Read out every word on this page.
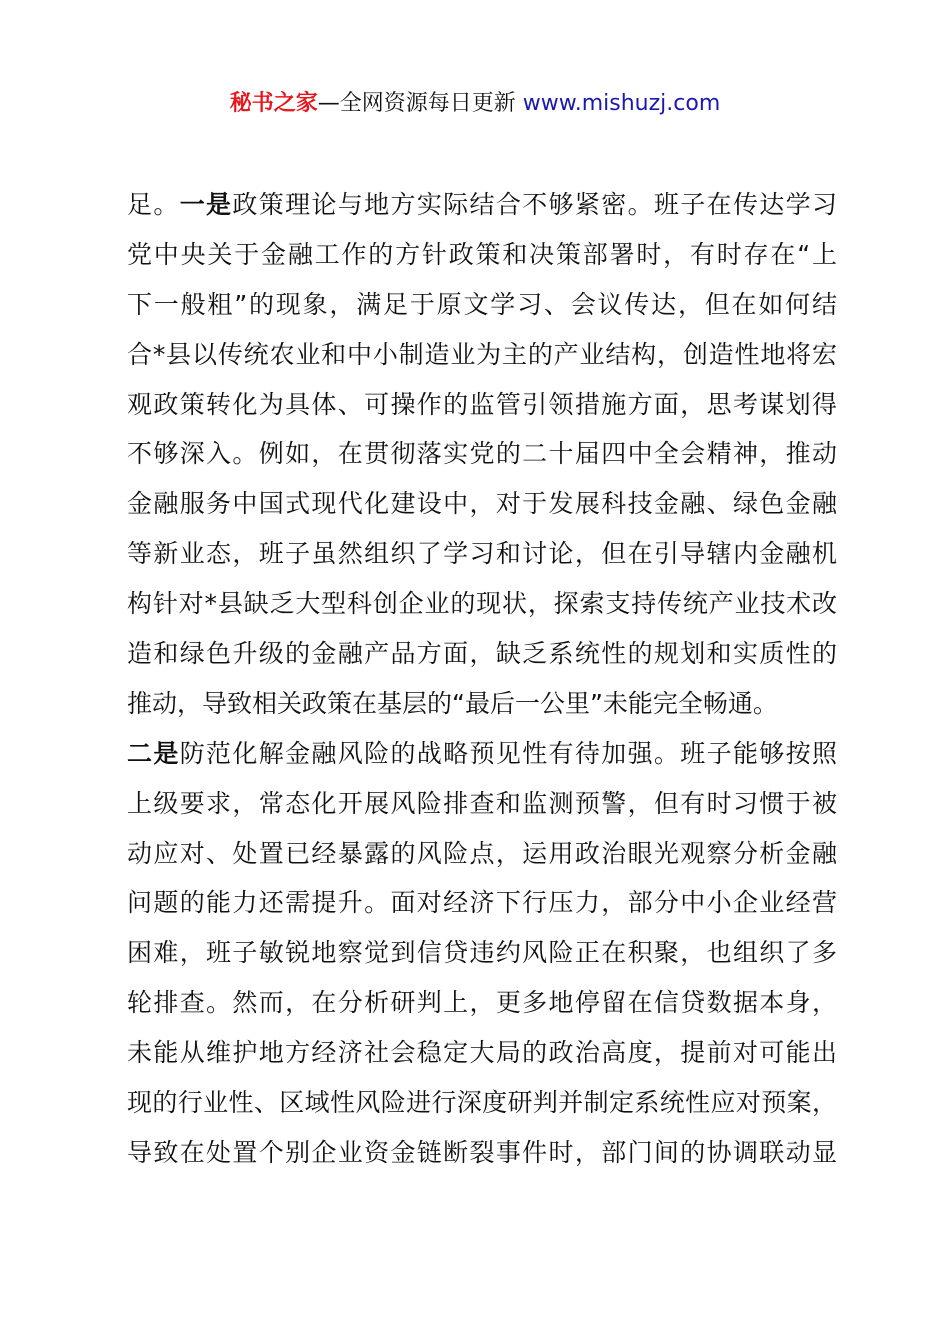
秘书之家—全网资源每日更新 www.mishuzj.com
足。一是政策理论与地方实际结合不够紧密。班子在传达学习
党中央关于金融工作的方针政策和决策部署时，有时存在“上
下一般粗”的现象，满足于原文学习、会议传达，但在如何结
合*县以传统农业和中小制造业为主的产业结构，创造性地将宏
观政策转化为具体、可操作的监管引领措施方面，思考谋划得
不够深入。例如，在贯彻落实党的二十届四中全会精神，推动
金融服务中国式现代化建设中，对于发展科技金融、绿色金融
等新业态，班子虽然组织了学习和讨论，但在引导辖内金融机
构针对*县缺乏大型科创企业的现状，探索支持传统产业技术改
造和绿色升级的金融产品方面，缺乏系统性的规划和实质性的
推动，导致相关政策在基层的“最后一公里”未能完全畅通。
二是防范化解金融风险的战略预见性有待加强。班子能够按照
上级要求，常态化开展风险排查和监测预警，但有时习惯于被
动应对、处置已经暴露的风险点，运用政治眼光观察分析金融
问题的能力还需提升。面对经济下行压力，部分中小企业经营
困难，班子敏锐地察觉到信贷违约风险正在积聚，也组织了多
轮排查。然而，在分析研判上，更多地停留在信贷数据本身，
未能从维护地方经济社会稳定大局的政治高度，提前对可能出
现的行业性、区域性风险进行深度研判并制定系统性应对预案，
导致在处置个别企业资金链断裂事件时，部门间的协调联动显
